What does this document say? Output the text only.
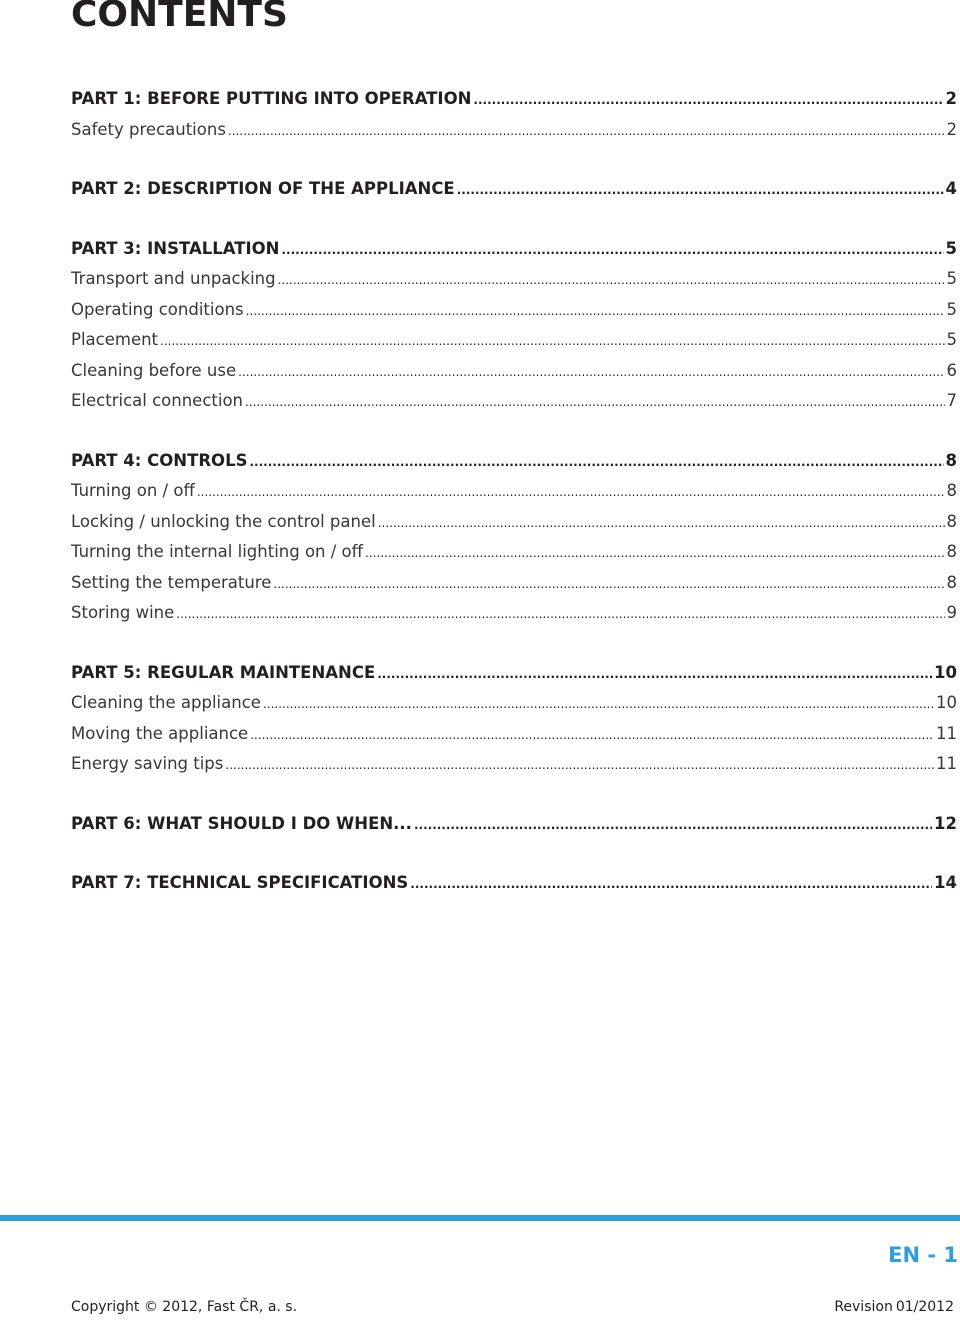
CONTENTS
PART 1: BEFORE PUTTING INTO OPERATION .....	2
Safety precautions .....	2
PART 2: DESCRIPTION OF THE APPLIANCE .....	4
PART 3: INSTALLATION .....	5
Transport and unpacking .....	5
Operating conditions .....	5
Placement .....	5
Cleaning before use .....	6
Electrical connection .....	7
PART 4: CONTROLS .....	8
Turning on / off .....	8
Locking / unlocking the control panel .....	8
Turning the internal lighting on / off .....	8
Setting the temperature .....	8
Storing wine .....	9
PART 5: REGULAR MAINTENANCE .....	10
Cleaning the appliance .....	10
Moving the appliance .....	11
Energy saving tips .....	11
PART 6: WHAT SHOULD I DO WHEN... .....	12
PART 7: TECHNICAL SPECIFICATIONS .....	14
EN - 1
Copyright © 2012, Fast ČR, a. s.	Revision 01/2012
